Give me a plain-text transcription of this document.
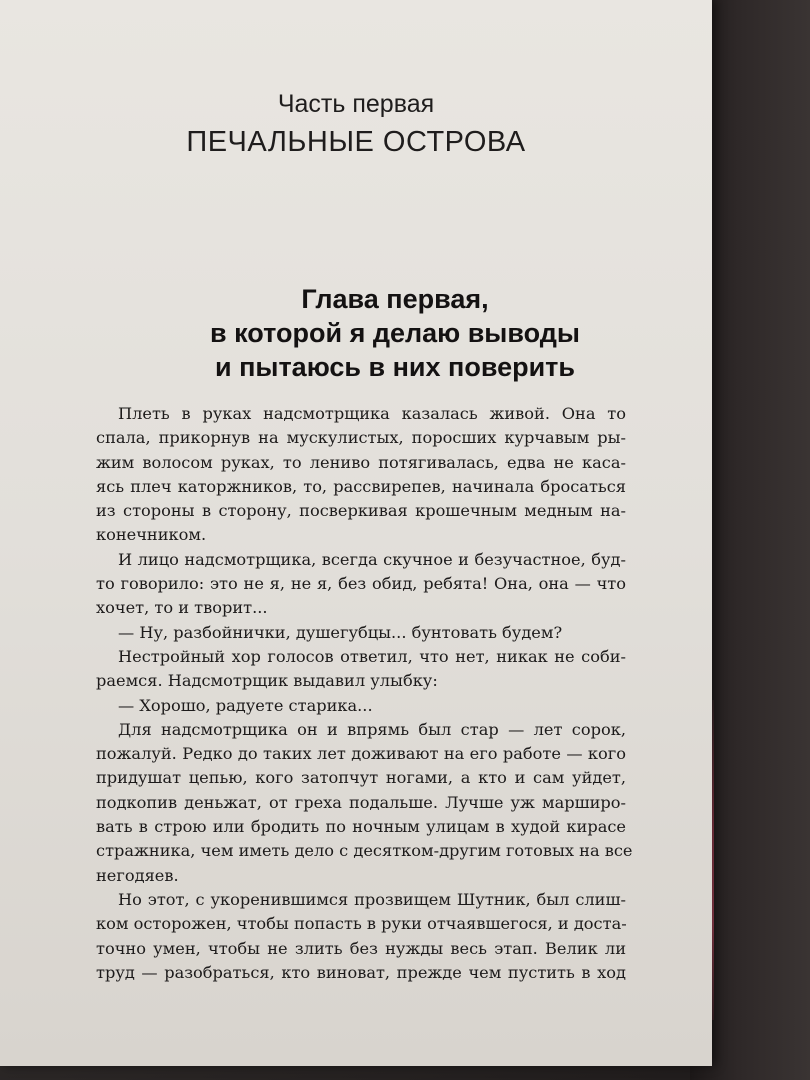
Часть первая
ПЕЧАЛЬНЫЕ ОСТРОВА
Глава первая,
в которой я делаю выводы
и пытаюсь в них поверить
Плеть в руках надсмотрщика казалась живой. Она то
спала, прикорнув на мускулистых, поросших курчавым ры-
жим волосом руках, то лениво потягивалась, едва не каса-
ясь плеч каторжников, то, рассвирепев, начинала бросаться
из стороны в сторону, посверкивая крошечным медным на-
конечником.
И лицо надсмотрщика, всегда скучное и безучастное, буд-
то говорило: это не я, не я, без обид, ребята! Она, она — что
хочет, то и творит...
— Ну, разбойнички, душегубцы... бунтовать будем?
Нестройный хор голосов ответил, что нет, никак не соби-
раемся. Надсмотрщик выдавил улыбку:
— Хорошо, радуете старика...
Для надсмотрщика он и впрямь был стар — лет сорок,
пожалуй. Редко до таких лет доживают на его работе — кого
придушат цепью, кого затопчут ногами, а кто и сам уйдет,
подкопив деньжат, от греха подальше. Лучше уж марширо-
вать в строю или бродить по ночным улицам в худой кирасе
стражника, чем иметь дело с десятком-другим готовых на все
негодяев.
Но этот, с укоренившимся прозвищем Шутник, был слиш-
ком осторожен, чтобы попасть в руки отчаявшегося, и доста-
точно умен, чтобы не злить без нужды весь этап. Велик ли
труд — разобраться, кто виноват, прежде чем пустить в ход
